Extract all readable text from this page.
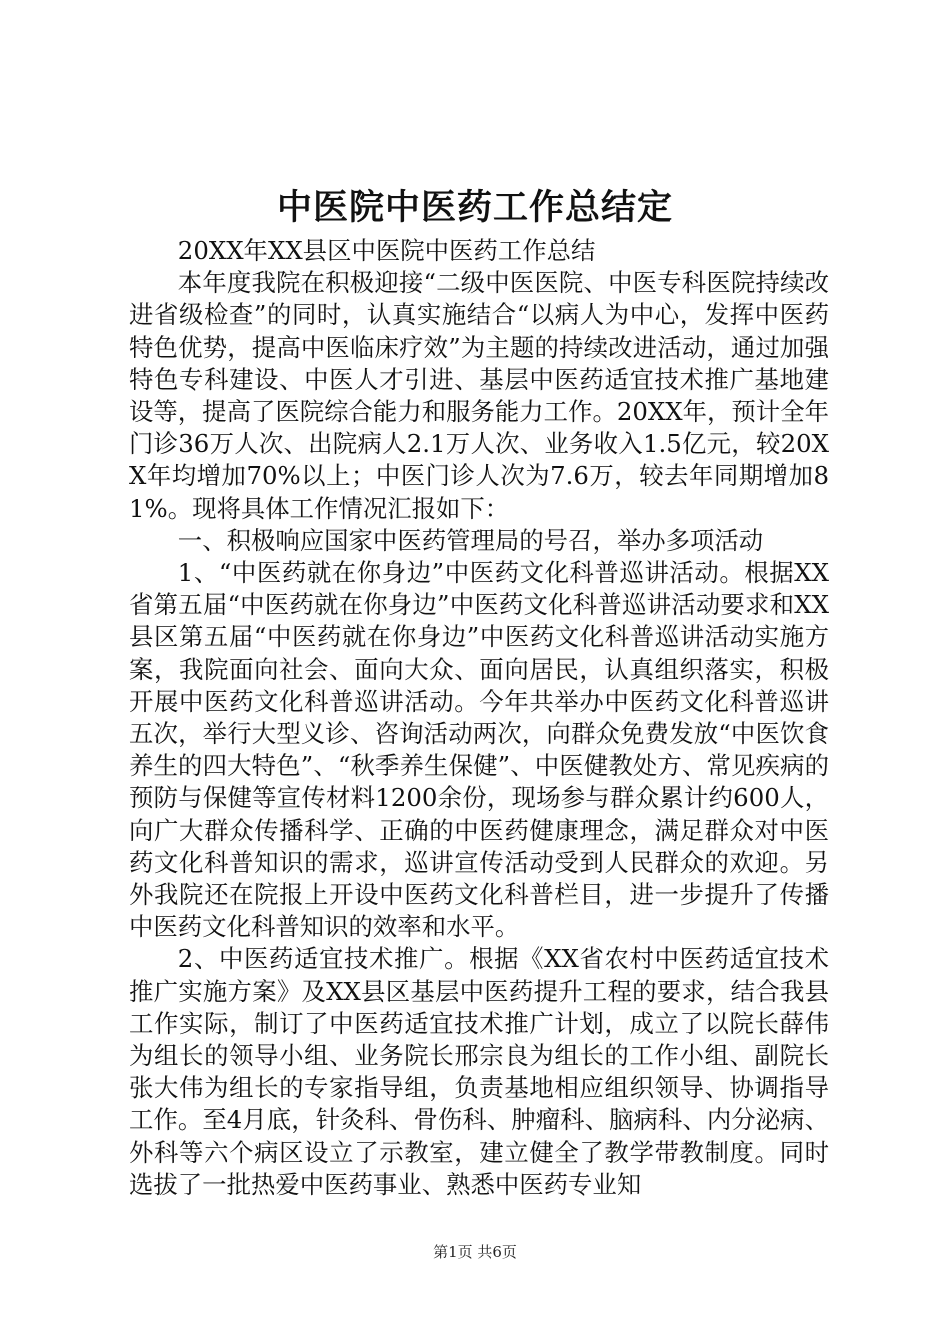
中医院中医药工作总结定

20XX年XX县区中医院中医药工作总结

本年度我院在积极迎接“二级中医医院、中医专科医院持续改进省级检查”的同时，认真实施结合“以病人为中心，发挥中医药特色优势，提高中医临床疗效”为主题的持续改进活动，通过加强特色专科建设、中医人才引进、基层中医药适宜技术推广基地建设等，提高了医院综合能力和服务能力工作。20XX年，预计全年门诊36万人次、出院病人2.1万人次、业务收入1.5亿元，较20XX年均增加70%以上；中医门诊人次为7.6万，较去年同期增加81%。现将具体工作情况汇报如下：

一、积极响应国家中医药管理局的号召，举办多项活动

1、“中医药就在你身边”中医药文化科普巡讲活动。根据XX省第五届“中医药就在你身边”中医药文化科普巡讲活动要求和XX县区第五届“中医药就在你身边”中医药文化科普巡讲活动实施方案，我院面向社会、面向大众、面向居民，认真组织落实，积极开展中医药文化科普巡讲活动。今年共举办中医药文化科普巡讲五次，举行大型义诊、咨询活动两次，向群众免费发放“中医饮食养生的四大特色”、“秋季养生保健”、中医健教处方、常见疾病的预防与保健等宣传材料1200余份，现场参与群众累计约600人，向广大群众传播科学、正确的中医药健康理念，满足群众对中医药文化科普知识的需求，巡讲宣传活动受到人民群众的欢迎。另外我院还在院报上开设中医药文化科普栏目，进一步提升了传播中医药文化科普知识的效率和水平。

2、中医药适宜技术推广。根据《XX省农村中医药适宜技术推广实施方案》及XX县区基层中医药提升工程的要求，结合我县工作实际，制订了中医药适宜技术推广计划，成立了以院长薛伟为组长的领导小组、业务院长邢宗良为组长的工作小组、副院长张大伟为组长的专家指导组，负责基地相应组织领导、协调指导工作。至4月底，针灸科、骨伤科、肿瘤科、脑病科、内分泌病、外科等六个病区设立了示教室，建立健全了教学带教制度。同时选拔了一批热爱中医药事业、熟悉中医药专业知

第1页 共6页
